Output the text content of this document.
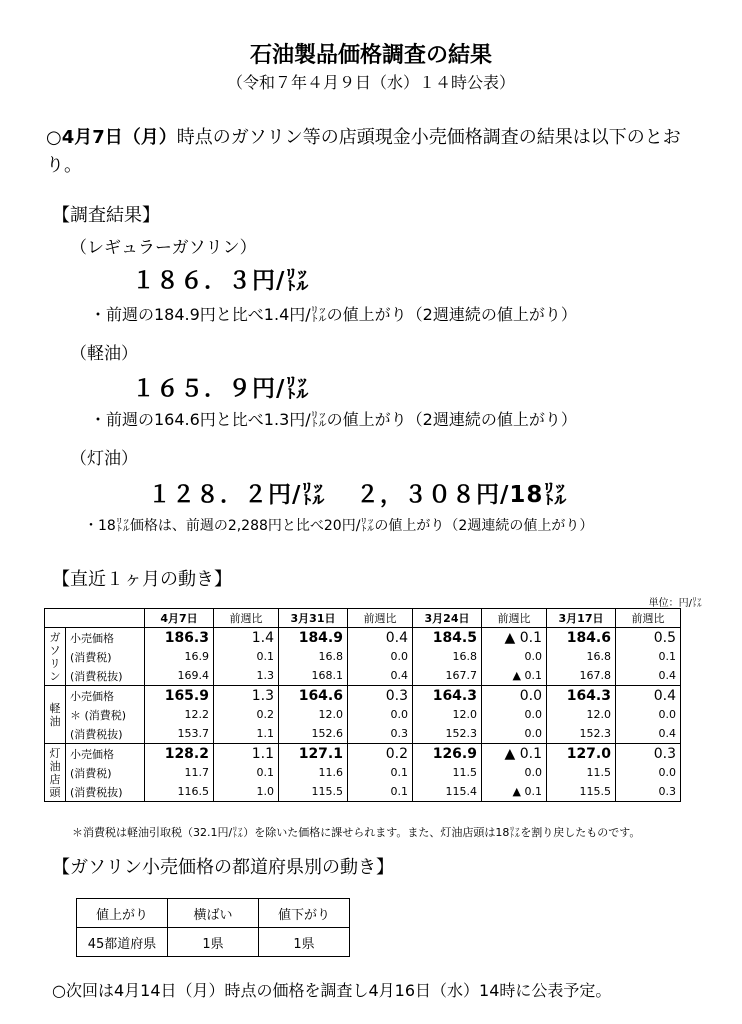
石油製品価格調査の結果
（令和７年４月９日（水）１４時公表）
○4月7日（月）時点のガソリン等の店頭現金小売価格調査の結果は以下のとおり。
【調査結果】
（レギュラーガソリン）
１８６．３円/㍑
・前週の184.9円と比べ1.4円/㍑の値上がり（2週連続の値上がり）
（軽油）
１６５．９円/㍑
・前週の164.6円と比べ1.3円/㍑の値上がり（2週連続の値上がり）
（灯油）
１２８．２円/㍑ ２，３０８円/18㍑
・18㍑価格は、前週の2,288円と比べ20円/㍑の値上がり（2週連続の値上がり）
【直近１ヶ月の動き】
単位：円/㍑
		4月7日	前週比	3月31日	前週比	3月24日	前週比	3月17日	前週比

ガ
ソ
リ
ン	小売価格	186.3	1.4	184.9	0.4	184.5	▲ 0.1	184.6	0.5
	(消費税)	16.9	0.1	16.8	0.0	16.8	0.0	16.8	0.1
	(消費税抜)	169.4	1.3	168.1	0.4	167.7	▲ 0.1	167.8	0.4

軽
油	小売価格	165.9	1.3	164.6	0.3	164.3	0.0	164.3	0.4
	＊ (消費税)	12.2	0.2	12.0	0.0	12.0	0.0	12.0	0.0
	(消費税抜)	153.7	1.1	152.6	0.3	152.3	0.0	152.3	0.4

灯
油
店
頭	小売価格	128.2	1.1	127.1	0.2	126.9	▲ 0.1	127.0	0.3
	(消費税)	11.7	0.1	11.6	0.1	11.5	0.0	11.5	0.0
	(消費税抜)	116.5	1.0	115.5	0.1	115.4	▲ 0.1	115.5	0.3
＊消費税は軽油引取税（32.1円/㍑）を除いた価格に課せられます。また、灯油店頭は18㍑を割り戻したものです。
【ガソリン小売価格の都道府県別の動き】
値上がり	横ばい	値下がり
45都道府県	1県	1県
○次回は4月14日（月）時点の価格を調査し4月16日（水）14時に公表予定。
